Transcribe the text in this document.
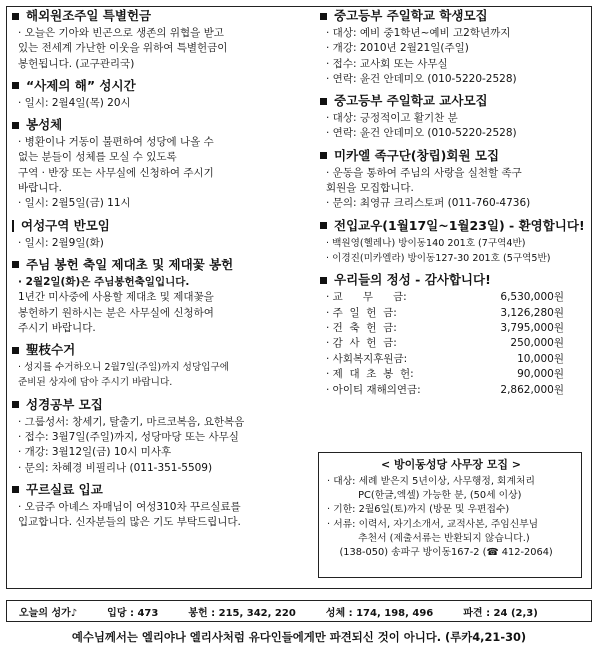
해외원조주일 특별헌금
· 오늘은 기아와 빈곤으로 생존의 위협을 받고
있는 전세계 가난한 이웃을 위하여 특별헌금이
봉헌됩니다. (교구관리국)
“사제의 해” 성시간
· 일시: 2월4일(목) 20시
봉성체
· 병환이나 거동이 불편하여 성당에 나올 수
없는 분들이 성체를 모실 수 있도록
구역 · 반장 또는 사무실에 신청하여 주시기
바랍니다.
· 일시: 2월5일(금) 11시
여성구역 반모임
· 일시: 2월9일(화)
주님 봉헌 축일 제대초 및 제대꽃 봉헌
· 2월2일(화)은 주님봉헌축일입니다.
1년간 미사중에 사용할 제대초 및 제대꽃을
봉헌하기 원하시는 분은 사무실에 신청하여
주시기 바랍니다.
聖枝수거
· 성지를 수거하오니 2월7일(주일)까지 성당입구에
준비된 상자에 담아 주시기 바랍니다.
성경공부 모집
· 그룹성서: 창세기, 탈출기, 마르코복음, 요한복음
· 접수: 3월7일(주일)까지, 성당마당 또는 사무실
· 개강: 3월12일(금) 10시 미사후
· 문의: 차혜경 비필리나 (011-351-5509)
꾸르실료 입교
· 오금주 아녜스 자매님이 여성310차 꾸르실료를
입교합니다. 신자분들의 많은 기도 부탁드립니다.
중고등부 주일학교 학생모집
· 대상: 예비 중1학년~예비 고2학년까지
· 개강: 2010년 2월21일(주일)
· 접수: 교사회 또는 사무실
· 연락: 윤건 안데미오 (010-5220-2528)
중고등부 주일학교 교사모집
· 대상: 긍정적이고 활기찬 분
· 연락: 윤건 안데미오 (010-5220-2528)
미카엘 족구단(창립)회원 모집
· 운동을 통하여 주님의 사랑을 실천할 족구
회원을 모집합니다.
· 문의: 최영규 크리스토퍼 (011-760-4736)
전입교우(1월17일~1월23일) - 환영합니다!
· 백원영(헬레나) 방이동140 201호 (7구역4반)
· 이경진(미카엘라) 방이동127-30 201호 (5구역5반)
우리들의 정성 - 감사합니다!
· 교      무      금:	6,530,000원
· 주  일  헌  금:	3,126,280원
· 건  축  헌  금:	3,795,000원
· 감  사  헌  금:	250,000원
· 사회복지후원금:	10,000원
· 제  대  초  봉  헌:	90,000원
· 아이티 재해의연금:	2,862,000원
< 방이동성당 사무장 모집 >
· 대상: 세례 받은지 5년이상, 사무행정, 회계처리
PC(한글,엑셀) 가능한 분, (50세 이상)
· 기한: 2월6일(토)까지 (방문 및 우편접수)
· 서류: 이력서, 자기소개서, 교적사본, 주임신부님
추천서 (제출서류는 반환되지 않습니다.)
(138-050) 송파구 방이동167-2 (☎ 412-2064)
오늘의 성가♪	입당 : 473	봉헌 : 215, 342, 220	성체 : 174, 198, 496	파견 : 24 (2,3)
예수님께서는 엘리야나 엘리사처럼 유다인들에게만 파견되신 것이 아니다. (루카4,21-30)
